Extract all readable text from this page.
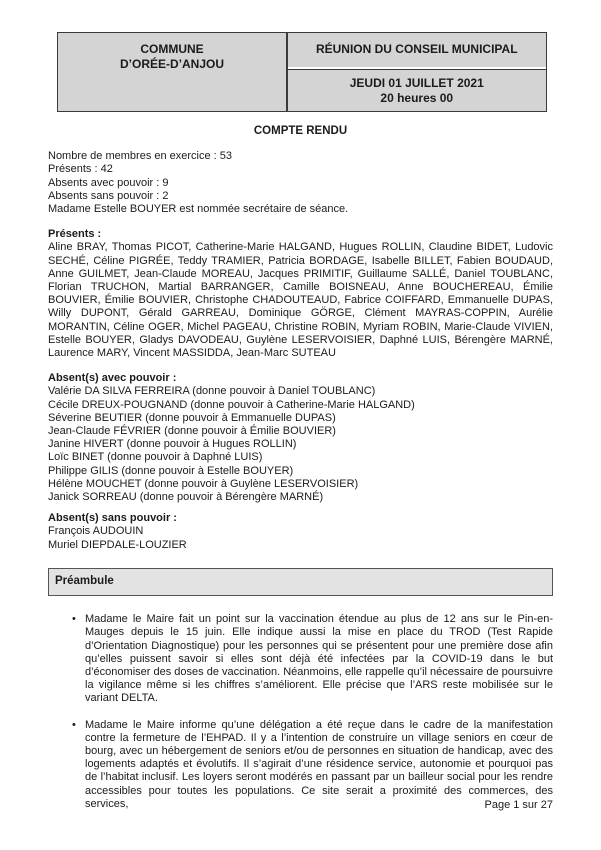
COMMUNE
D’ORÉE-D’ANJOU
RÉUNION DU CONSEIL MUNICIPAL
JEUDI 01 JUILLET 2021
20 heures 00
COMPTE RENDU

Nombre de membres en exercice : 53

Présents : 42

Absents avec pouvoir : 9

Absents sans pouvoir : 2

Madame Estelle BOUYER est nommée secrétaire de séance.

Présents :

Aline BRAY, Thomas PICOT, Catherine-Marie HALGAND, Hugues ROLLIN, Claudine BIDET, Ludovic SECHÉ, Céline PIGRÉE, Teddy TRAMIER, Patricia BORDAGE, Isabelle BILLET, Fabien BOUDAUD, Anne GUILMET, Jean-Claude MOREAU, Jacques PRIMITIF, Guillaume SALLÉ, Daniel TOUBLANC, Florian TRUCHON, Martial BARRANGER, Camille BOISNEAU, Anne BOUCHEREAU, Émilie BOUVIER, Émilie BOUVIER, Christophe CHADOUTEAUD, Fabrice COIFFARD, Emmanuelle DUPAS, Willy DUPONT, Gérald GARREAU, Dominique GÖRGE, Clément MAYRAS-COPPIN, Aurélie MORANTIN, Céline OGER, Michel PAGEAU, Christine ROBIN, Myriam ROBIN, Marie-Claude VIVIEN, Estelle BOUYER, Gladys DAVODEAU, Guylène LESERVOISIER, Daphné LUIS, Bérengère MARNÉ, Laurence MARY, Vincent MASSIDDA, Jean-Marc SUTEAU

Absent(s) avec pouvoir :

Valérie DA SILVA FERREIRA (donne pouvoir à Daniel TOUBLANC)

Cécile DREUX-POUGNAND (donne pouvoir à Catherine-Marie HALGAND)

Séverine BEUTIER (donne pouvoir à Emmanuelle DUPAS)

Jean-Claude FÉVRIER (donne pouvoir à Émilie BOUVIER)

Janine HIVERT (donne pouvoir à Hugues ROLLIN)

Loïc BINET (donne pouvoir à Daphné LUIS)

Philippe GILIS (donne pouvoir à Estelle BOUYER)

Hélène MOUCHET (donne pouvoir à Guylène LESERVOISIER)

Janick SORREAU (donne pouvoir à Bérengère MARNÉ)

Absent(s) sans pouvoir :

François AUDOUIN

Muriel DIEPDALE-LOUZIER

Préambule
• Madame le Maire fait un point sur la vaccination étendue au plus de 12 ans sur le Pin-en-Mauges depuis le 15 juin. Elle indique aussi la mise en place du TROD (Test Rapide d’Orientation Diagnostique) pour les personnes qui se présentent pour une première dose afin qu’elles puissent savoir si elles sont déjà été infectées par la COVID-19 dans le but d’économiser des doses de vaccination. Néanmoins, elle rappelle qu’il nécessaire de poursuivre la vigilance même si les chiffres s’améliorent. Elle précise que l’ARS reste mobilisée sur le variant DELTA.

• Madame le Maire informe qu’une délégation a été reçue dans le cadre de la manifestation contre la fermeture de l’EHPAD. Il y a l’intention de construire un village seniors en cœur de bourg, avec un hébergement de seniors et/ou de personnes en situation de handicap, avec des logements adaptés et évolutifs. Il s’agirait d’une résidence service, autonomie et pourquoi pas de l’habitat inclusif. Les loyers seront modérés en passant par un bailleur social pour les rendre accessibles pour toutes les populations. Ce site serait a proximité des commerces, des services,	Page 1 sur 27
